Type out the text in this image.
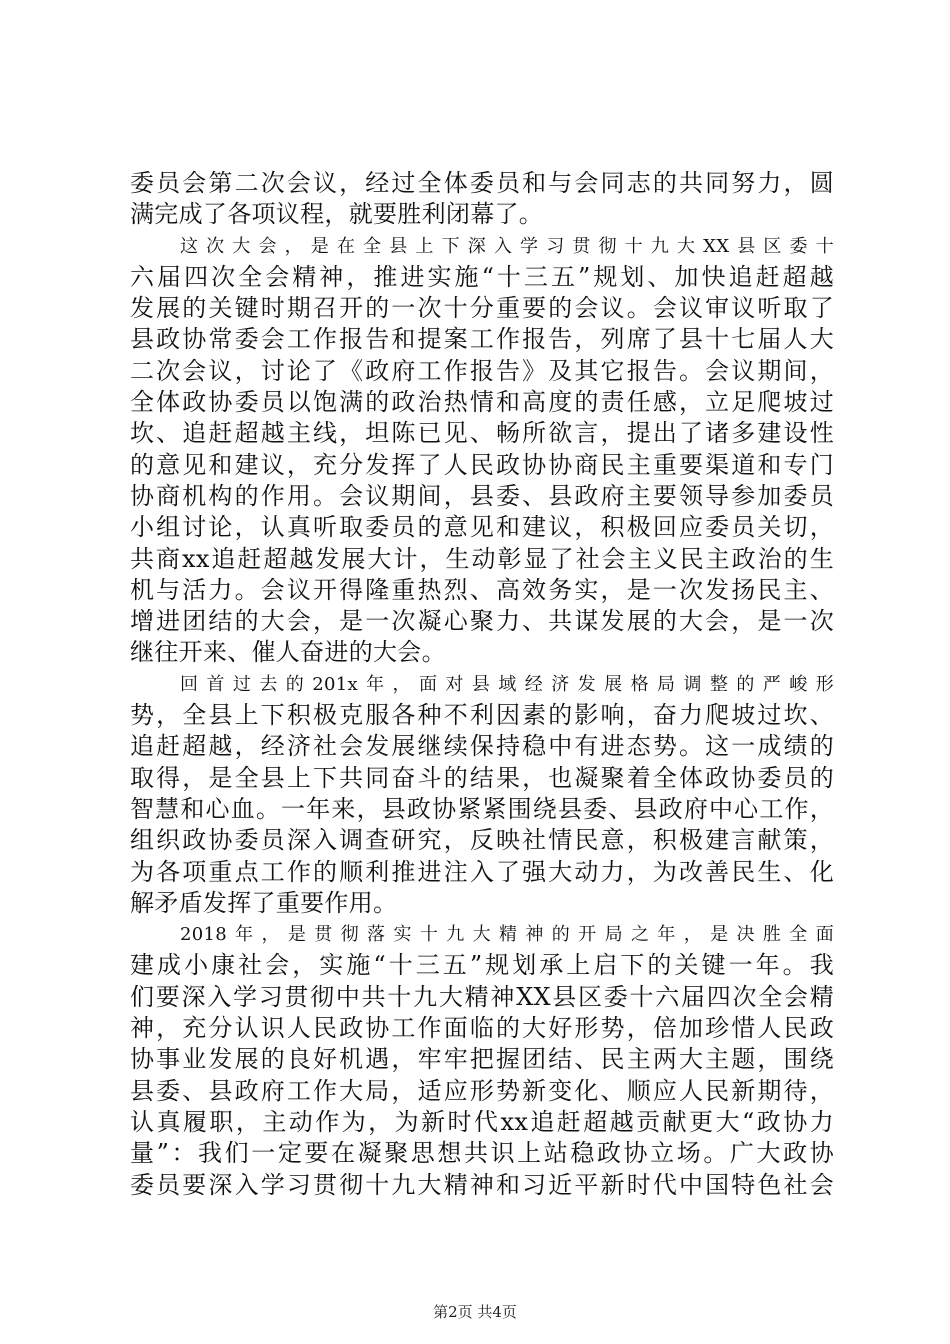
委员会第二次会议，经过全体委员和与会同志的共同努力，圆
满完成了各项议程，就要胜利闭幕了。
这次大会，是在全县上下深入学习贯彻十九大XX县区委十
六届四次全会精神，推进实施“十三五”规划、加快追赶超越
发展的关键时期召开的一次十分重要的会议。会议审议听取了
县政协常委会工作报告和提案工作报告，列席了县十七届人大
二次会议，讨论了《政府工作报告》及其它报告。会议期间，
全体政协委员以饱满的政治热情和高度的责任感，立足爬坡过
坎、追赶超越主线，坦陈已见、畅所欲言，提出了诸多建设性
的意见和建议，充分发挥了人民政协协商民主重要渠道和专门
协商机构的作用。会议期间，县委、县政府主要领导参加委员
小组讨论，认真听取委员的意见和建议，积极回应委员关切，
共商xx追赶超越发展大计，生动彰显了社会主义民主政治的生
机与活力。会议开得隆重热烈、高效务实，是一次发扬民主、
增进团结的大会，是一次凝心聚力、共谋发展的大会，是一次
继往开来、催人奋进的大会。
回首过去的201x年，面对县域经济发展格局调整的严峻形
势，全县上下积极克服各种不利因素的影响，奋力爬坡过坎、
追赶超越，经济社会发展继续保持稳中有进态势。这一成绩的
取得，是全县上下共同奋斗的结果，也凝聚着全体政协委员的
智慧和心血。一年来，县政协紧紧围绕县委、县政府中心工作，
组织政协委员深入调查研究，反映社情民意，积极建言献策，
为各项重点工作的顺利推进注入了强大动力，为改善民生、化
解矛盾发挥了重要作用。
2018年，是贯彻落实十九大精神的开局之年，是决胜全面
建成小康社会，实施“十三五”规划承上启下的关键一年。我
们要深入学习贯彻中共十九大精神XX县区委十六届四次全会精
神，充分认识人民政协工作面临的大好形势，倍加珍惜人民政
协事业发展的良好机遇，牢牢把握团结、民主两大主题，围绕
县委、县政府工作大局，适应形势新变化、顺应人民新期待，
认真履职，主动作为，为新时代xx追赶超越贡献更大“政协力
量”：我们一定要在凝聚思想共识上站稳政协立场。广大政协
委员要深入学习贯彻十九大精神和习近平新时代中国特色社会
第2页 共4页
